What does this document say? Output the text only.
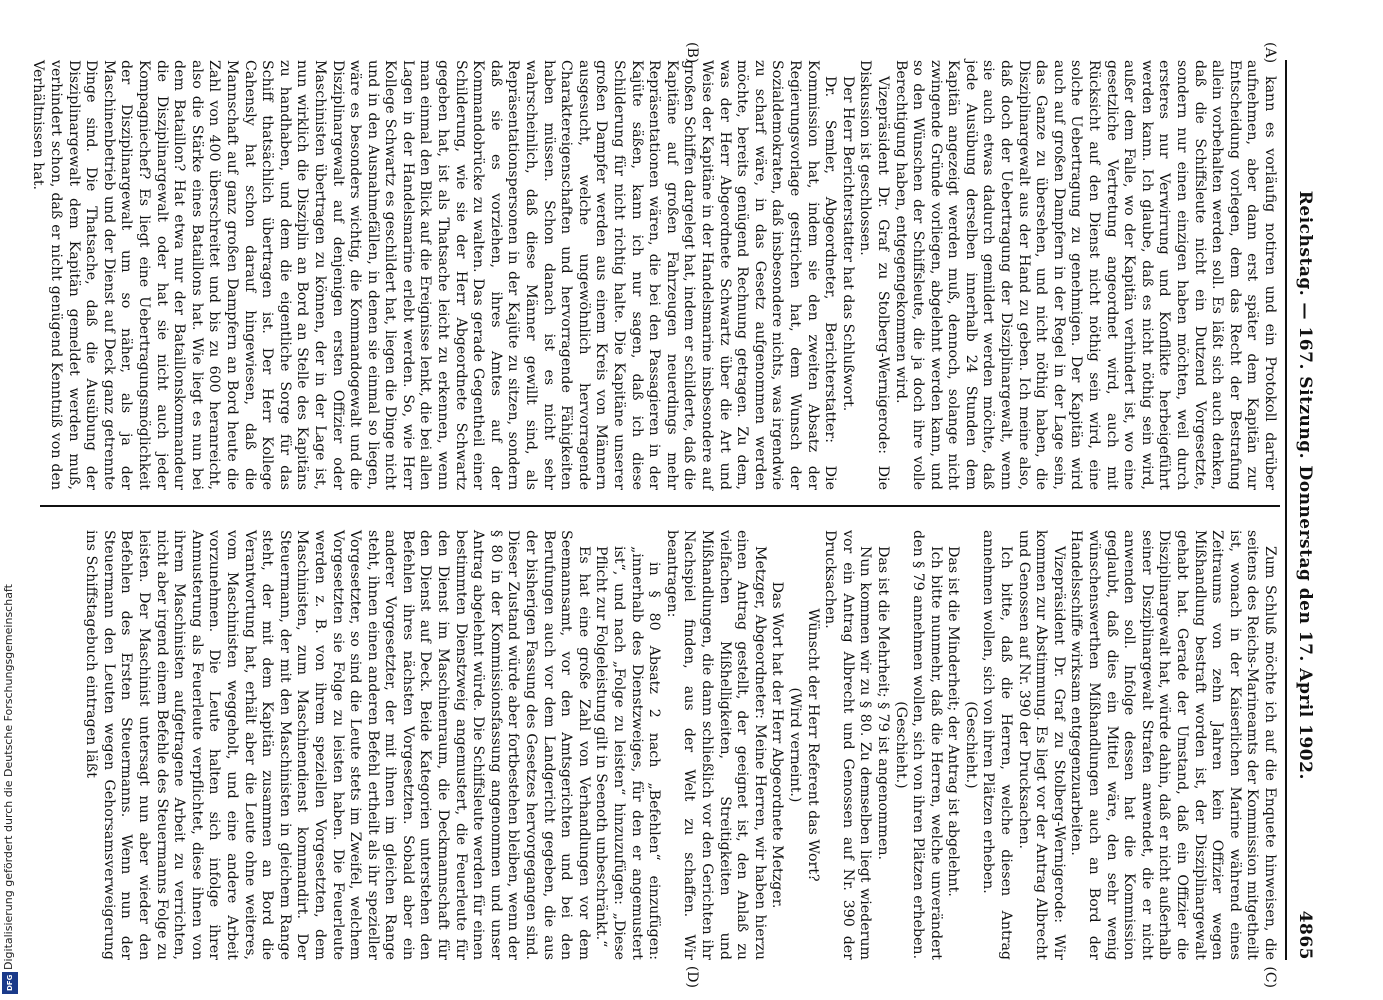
Reichstag. — 167. Sitzung. Donnerstag den 17. April 1902.
4865

kann es vorläufig notiren und ein Protokoll darüber aufnehmen, aber dann erst später dem Kapitän zur Entscheidung vorlegen, dem das Recht der Bestrafung allein vorbehalten werden soll. Es läßt sich auch denken, daß die Schiffsleute nicht ein Dutzend Vorgesetzte, sondern nur einen einzigen haben möchten, weil durch ersteres nur Verwirrung und Konflikte herbeigeführt werden kann. Ich glaube, daß es nicht nöthig sein wird, außer dem Falle, wo der Kapitän verhindert ist, wo eine gesetzliche Vertretung angeordnet wird, auch mit Rücksicht auf den Dienst nicht nöthig sein wird, eine solche Uebertragung zu genehmigen. Der Kapitän wird auch auf großen Dampfern in der Regel in der Lage sein, das Ganze zu übersehen, und nicht nöthig haben, die Disziplinargewalt aus der Hand zu geben. Ich meine also, daß doch der Uebertragung der Disziplinargewalt, wenn sie auch etwas dadurch gemildert werden möchte, daß jede Ausübung derselben innerhalb 24 Stunden dem Kapitän angezeigt werden muß, dennoch, solange nicht zwingende Gründe vorliegen, abgelehnt werden kann, und so den Wünschen der Schiffsleute, die ja doch ihre volle Berechtigung haben, entgegengekommen wird.

Vizepräsident Dr. Graf zu Stolberg-Wernigerode: Die Diskussion ist geschlossen.

Der Herr Berichterstatter hat das Schlußwort.

Dr. Semler, Abgeordneter, Berichterstatter: Die Kommission hat, indem sie den zweiten Absatz der Regierungsvorlage gestrichen hat, dem Wunsch der Sozialdemokraten, daß insbesondere nichts, was irgendwie zu scharf wäre, in das Gesetz aufgenommen werden möchte, bereits genügend Rechnung getragen. Zu dem, was der Herr Abgeordnete Schwartz über die Art und Weise der Kapitäne in der Handelsmarine insbesondere auf großen Schiffen dargelegt hat, indem er schilderte, daß die Kapitäne auf großen Fahrzeugen neuerdings mehr Repräsentationen wären, die bei den Passagieren in der Kajüte säßen, kann ich nur sagen, daß ich diese Schilderung für nicht richtig halte. Die Kapitäne unserer großen Dampfer werden aus einem Kreis von Männern ausgesucht, welche ungewöhnlich hervorragende Charaktereigenschaften und hervorragende Fähigkeiten haben müssen. Schon danach ist es nicht sehr wahrscheinlich, daß diese Männer gewillt sind, als Repräsentationspersonen in der Kajüte zu sitzen, sondern daß sie es vorziehen, ihres Amtes auf der Kommandobrücke zu walten. Das gerade Gegentheil einer Schilderung, wie sie der Herr Abgeordnete Schwartz gegeben hat, ist als Thatsache leicht zu erkennen, wenn man einmal den Blick auf die Ereignisse lenkt, die bei allen Lagen in der Handelsmarine erlebt werden. So, wie Herr Kollege Schwartz es geschildert hat, liegen die Dinge nicht und in den Ausnahmefällen, in denen sie einmal so liegen, wäre es besonders wichtig, die Kommandogewalt und die Disziplinargewalt auf denjenigen ersten Offizier oder Maschinisten übertragen zu können, der in der Lage ist, nun wirklich die Disziplin an Bord an Stelle des Kapitäns zu handhaben, und dem die eigentliche Sorge für das Schiff thatsächlich übertragen ist. Der Herr Kollege Cahensly hat schon darauf hingewiesen, daß die Mannschaft auf ganz großen Dampfern an Bord heute die Zahl von 400 überschreitet und bis zu 600 heranreicht, also die Stärke eines Bataillons hat. Wie liegt es nun bei dem Bataillon? Hat etwa nur der Bataillonskommandeur die Disziplinargewalt oder hat sie nicht auch jeder Kompagniechef? Es liegt eine Uebertragungsmöglichkeit der Disziplinargewalt um so näher, als ja der Maschinenbetrieb und der Dienst auf Deck ganz getrennte Dinge sind. Die Thatsache, daß die Ausübung der Disziplinargewalt dem Kapitän gemeldet werden muß, verhindert schon, daß er nicht genügend Kenntniß von den Verhältnissen hat.

Zum Schluß möchte ich auf die Enquete hinweisen, die seitens des Reichs-Marineamts der Kommission mitgetheilt ist, wonach in der Kaiserlichen Marine während eines Zeitraums von zehn Jahren kein Offizier wegen Mißhandlung bestraft worden ist, der Disziplinargewalt gehabt hat. Gerade der Umstand, daß ein Offizier die Disziplinargewalt hat, würde dahin, daß er nicht außerhalb seiner Disziplinargewalt Strafen anwendet, die er nicht anwenden soll. Infolge dessen hat die Kommission geglaubt, daß dies ein Mittel wäre, den sehr wenig wünschenswerthen Mißhandlungen auch an Bord der Handelsschiffe wirksam entgegenzuarbeiten.

Vizepräsident Dr. Graf zu Stolberg-Wernigerode: Wir kommen zur Abstimmung. Es liegt vor der Antrag Albrecht und Genossen auf Nr. 390 der Drucksachen.

Ich bitte, daß die Herren, welche diesen Antrag annehmen wollen, sich von ihren Plätzen erheben.

(Geschieht.)

Das ist die Minderheit; der Antrag ist abgelehnt.

Ich bitte nunmehr, daß die Herren, welche unverändert den § 79 annehmen wollen, sich von ihren Plätzen erheben.

(Geschieht.)

Das ist die Mehrheit; § 79 ist angenommen.

Nun kommen wir zu § 80. Zu demselben liegt wiederum vor ein Antrag Albrecht und Genossen auf Nr. 390 der Drucksachen.

Wünscht der Herr Referent das Wort?

(Wird verneint.)

Das Wort hat der Herr Abgeordnete Metzger.

Metzger, Abgeordneter: Meine Herren, wir haben hierzu einen Antrag gestellt, der geeignet ist, den Anlaß zu vielfachen Mißhelligkeiten, Streitigkeiten und Mißhandlungen, die dann schließlich vor den Gerichten ihr Nachspiel finden, aus der Welt zu schaffen. Wir beantragen:

in § 80 Absatz 2 nach „Befehlen“ einzufügen: „innerhalb des Dienstzweiges, für den er angemustert ist“, und nach „Folge zu leisten“ hinzuzufügen: „Diese Pflicht zur Folgeleistung gilt in Seenoth unbeschränkt.“

Es hat eine große Zahl von Verhandlungen vor dem Seemannsamt, vor den Amtsgerichten und bei den Berufungen auch vor dem Landgericht gegeben, die aus der bisherigen Fassung des Gesetzes hervorgegangen sind. Dieser Zustand würde aber fortbestehen bleiben, wenn der § 80 in der Kommissionsfassung angenommen und unser Antrag abgelehnt würde. Die Schiffsleute werden für einen bestimmten Dienstzweig angemustert, die Feuerleute für den Dienst im Maschinenraum, die Deckmannschaft für den Dienst auf Deck. Beide Kategorien unterstehen den Befehlen ihres nächsten Vorgesetzten. Sobald aber ein anderer Vorgesetzter, der mit ihnen im gleichen Range steht, ihnen einen anderen Befehl ertheilt als ihr spezieller Vorgesetzter, so sind die Leute stets im Zweifel, welchem Vorgesetzten sie Folge zu leisten haben. Die Feuerleute werden z. B. von ihrem speziellen Vorgesetzten, dem Maschinisten, zum Maschinendienst kommandirt. Der Steuermann, der mit den Maschinisten in gleichem Range steht, der mit dem Kapitän zusammen an Bord die Verantwortung hat, erhält aber die Leute ohne weiteres, vom Maschinisten weggeholt, und eine andere Arbeit vorzunehmen. Die Leute halten sich infolge ihrer Anmusterung als Feuerleute verpflichtet, diese ihnen von ihrem Maschinisten aufgetragene Arbeit zu verrichten, nicht aber irgend einem Befehle des Steuermanns Folge zu leisten. Der Maschinist untersagt nun aber wieder den Befehlen des Ersten Steuermanns. Wenn nun der Steuermann den Leuten wegen Gehorsamsverweigerung ins Schiffstagebuch eintragen läßt

(A)
(B)
(C)
(D)
Digitalisierung gefördert durch die Deutsche Forschungsgemeinschaft
DFG
